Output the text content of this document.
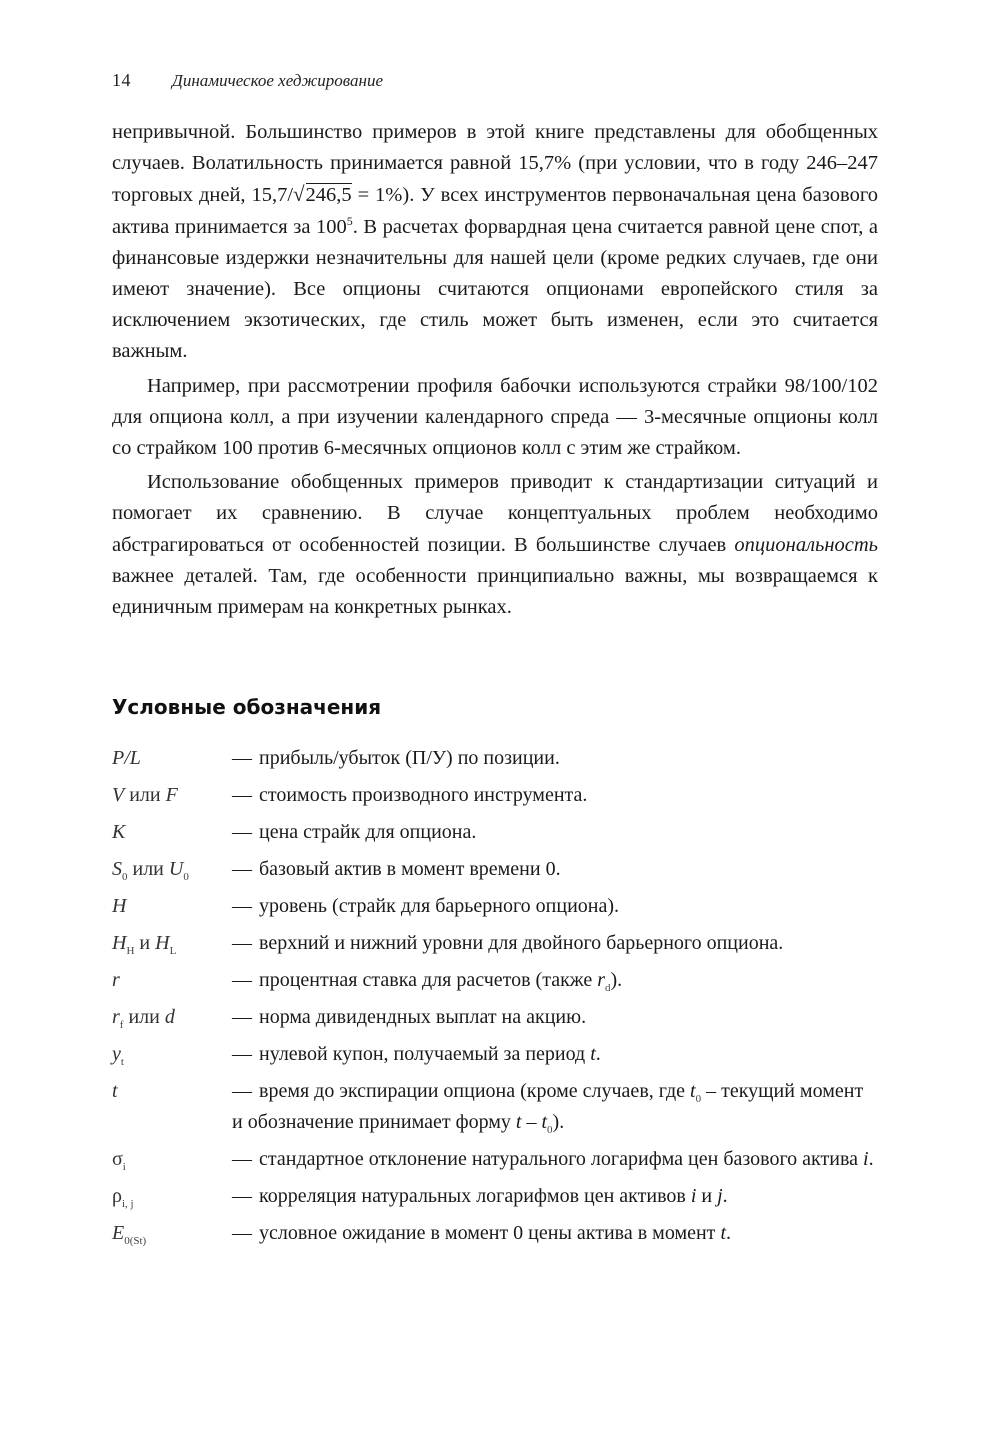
14 Динамическое хеджирование

непривычной. Большинство примеров в этой книге представлены для обобщенных случаев. Волатильность принимается равной 15,7% (при условии, что в году 246–247 торговых дней, 15,7/√246,5 = 1%). У всех инструментов первоначальная цена базового актива принимается за 100$^5$. В расчетах форвардная цена считается равной цене спот, а финансовые издержки незначительны для нашей цели (кроме редких случаев, где они имеют значение). Все опционы считаются опционами европейского стиля за исключением экзотических, где стиль может быть изменен, если это считается важным.

Например, при рассмотрении профиля бабочки используются страйки 98/100/102 для опциона колл, а при изучении календарного спреда — 3-месячные опционы колл со страйком 100 против 6-месячных опционов колл с этим же страйком.

Использование обобщенных примеров приводит к стандартизации ситуаций и помогает их сравнению. В случае концептуальных проблем необходимо абстрагироваться от особенностей позиции. В большинстве случаев опциональность важнее деталей. Там, где особенности принципиально важны, мы возвращаемся к единичным примерам на конкретных рынках.

Условные обозначения
P/L	— прибыль/убыток (П/У) по позиции.
V или F	— стоимость производного инструмента.
K	— цена страйк для опциона.
$S_0$ или $U_0$	— базовый актив в момент времени 0.
H	— уровень (страйк для барьерного опциона).
$H_H$ и $H_L$	— верхний и нижний уровни для двойного барьерного опциона.
r	— процентная ставка для расчетов (также $r_d$).
$r_f$ или d	— норма дивидендных выплат на акцию.
$y_t$	— нулевой купон, получаемый за период t.
t	— время до экспирации опциона (кроме случаев, где $t_0$ – текущий момент и обозначение принимает форму t – $t_0$).
$\sigma_i$	— стандартное отклонение натурального логарифма цен базового актива i.
$\rho_{i, j}$	— корреляция натуральных логарифмов цен активов i и j.
$E_{0(St)}$	— условное ожидание в момент 0 цены актива в момент t.
